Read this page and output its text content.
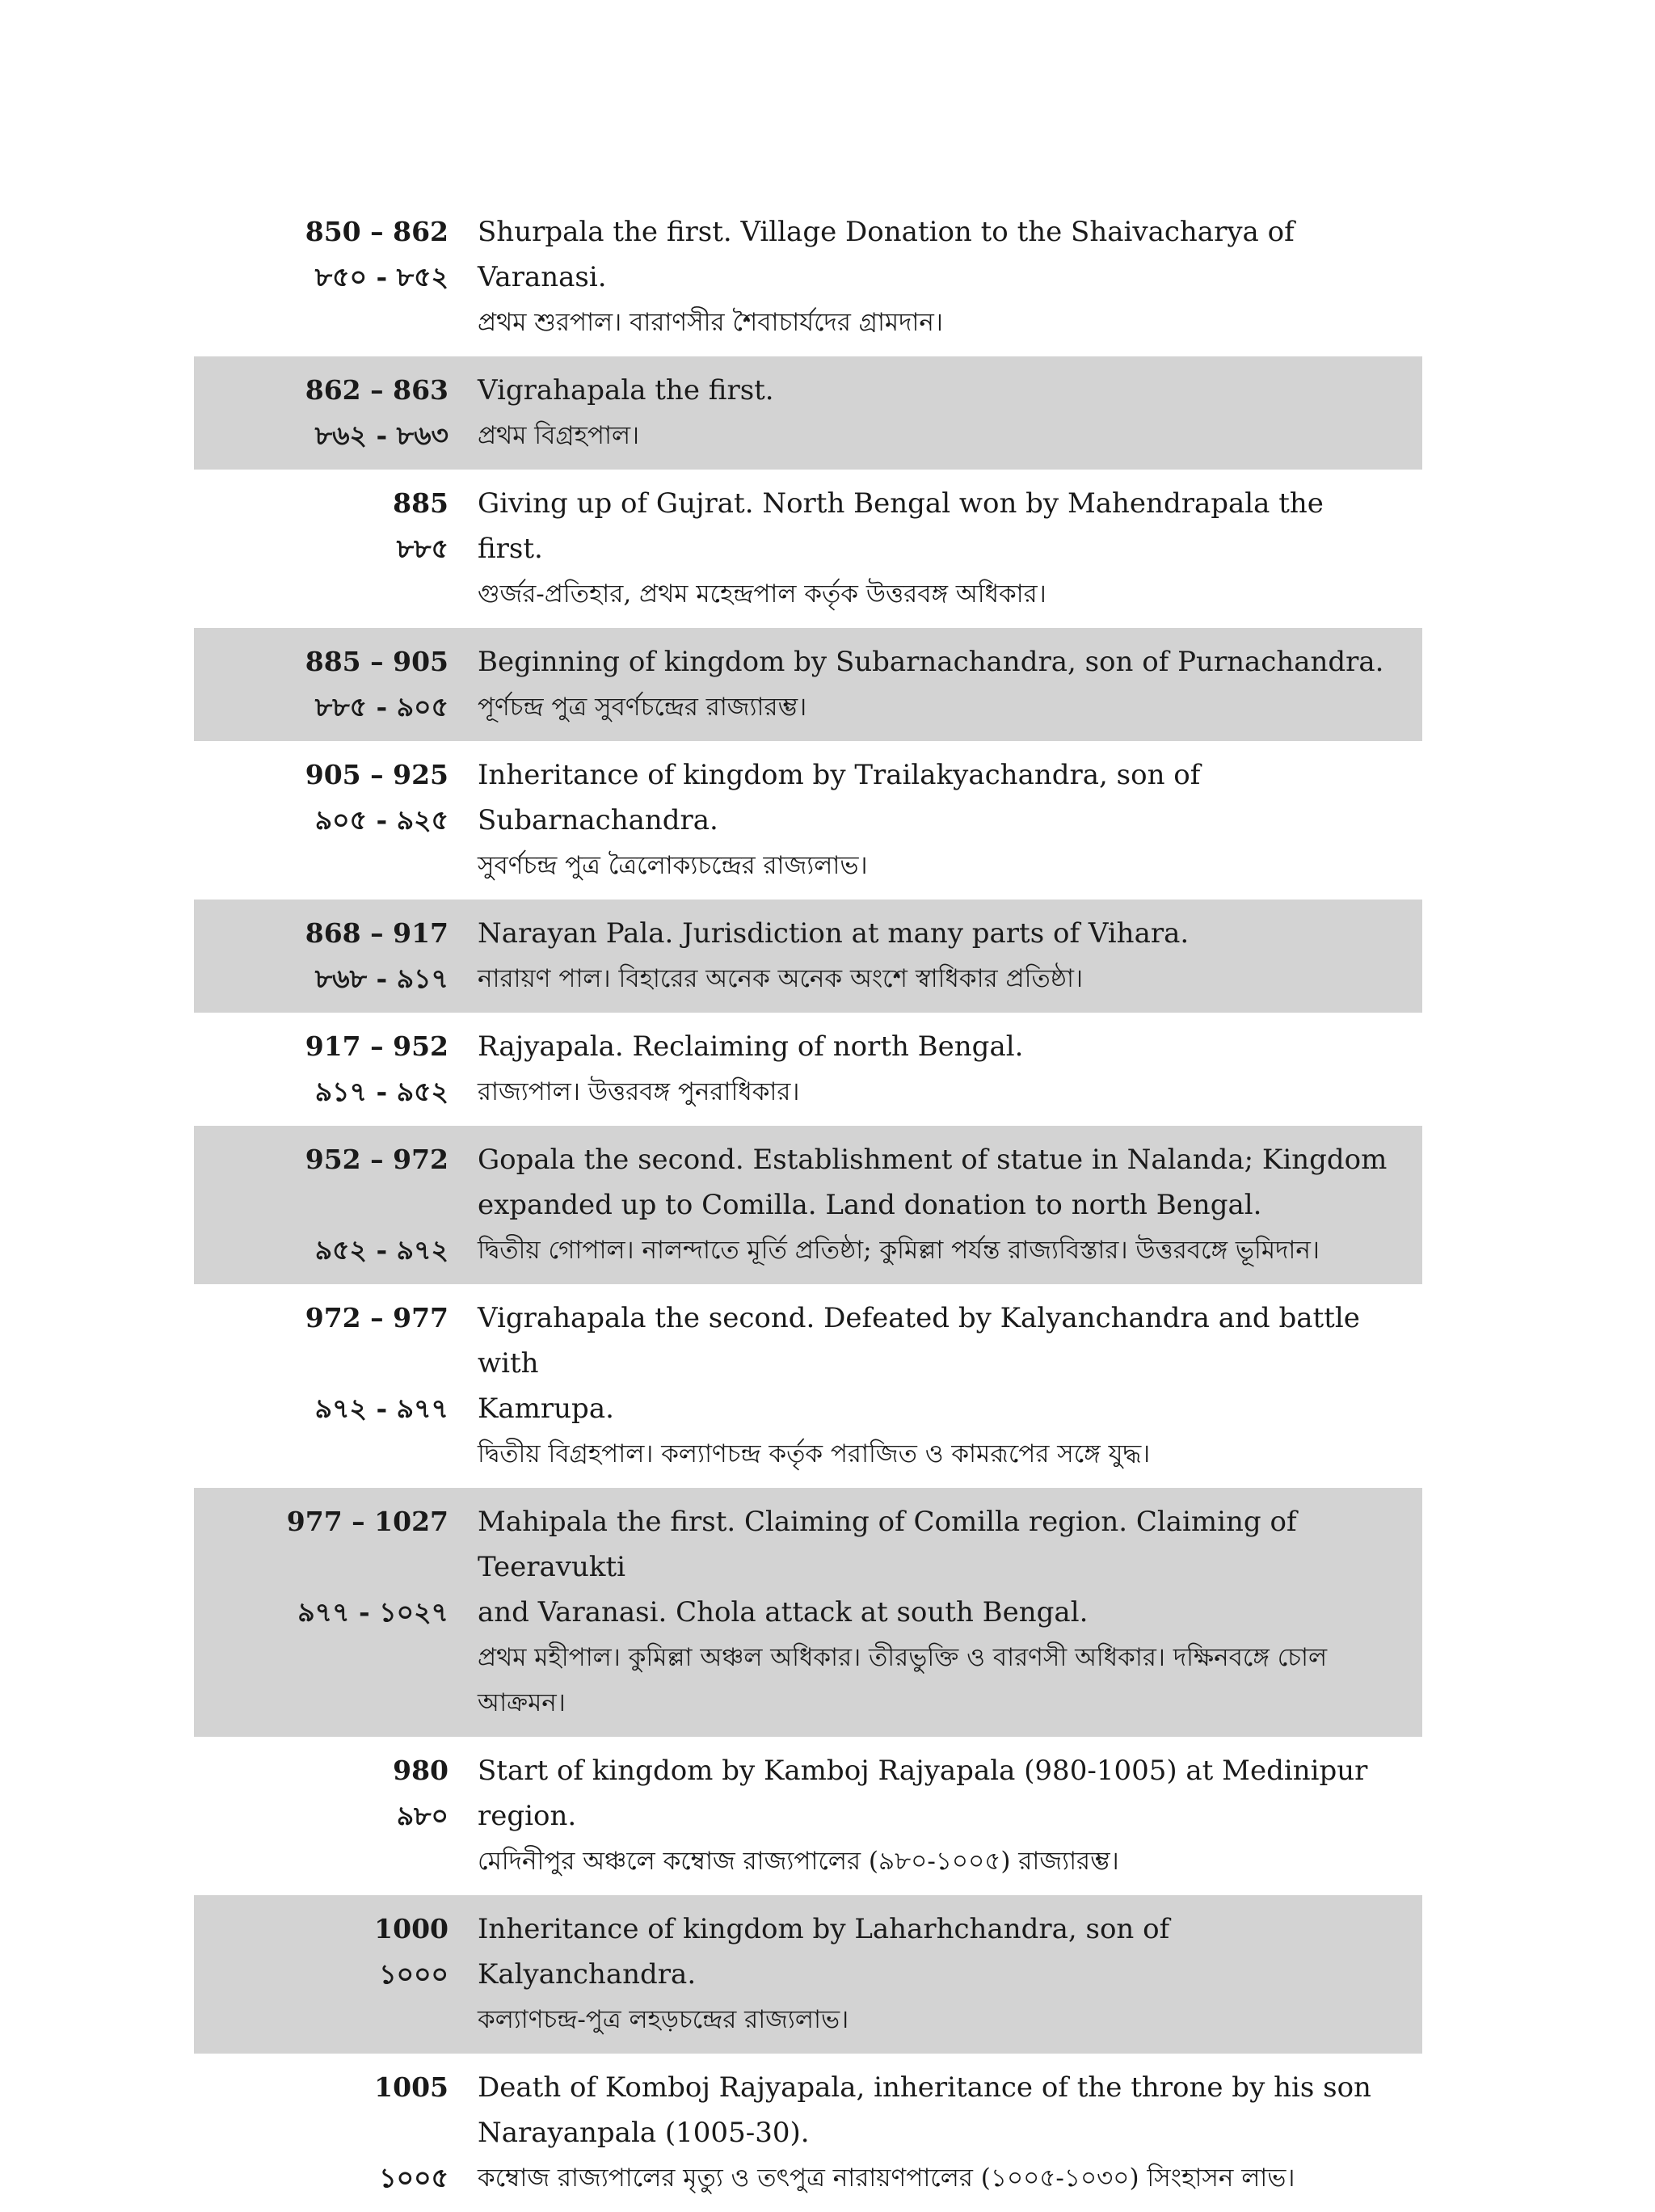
850 – 862
৮৫০ - ৮৫২
Shurpala the first. Village Donation to the Shaivacharya of Varanasi.
প্রথম শুরপাল। বারাণসীর শৈবাচার্যদের গ্রামদান।
862 – 863
৮৬২ - ৮৬৩
Vigrahapala the first.
প্রথম বিগ্রহপাল।
885
৮৮৫
Giving up of Gujrat. North Bengal won by Mahendrapala the first.
গুর্জর-প্রতিহার, প্রথম মহেন্দ্রপাল কর্তৃক উত্তরবঙ্গ অধিকার।
885 – 905
৮৮৫ - ৯০৫
Beginning of kingdom by Subarnachandra, son of Purnachandra.
পূর্ণচন্দ্র পুত্র সুবর্ণচন্দ্রের রাজ্যারম্ভ।
905 – 925
৯০৫ - ৯২৫
Inheritance of kingdom by Trailakyachandra, son of Subarnachandra.
সুবর্ণচন্দ্র পুত্র ত্রৈলোক্যচন্দ্রের রাজ্যলাভ।
868 – 917
৮৬৮ - ৯১৭
Narayan Pala. Jurisdiction at many parts of Vihara.
নারায়ণ পাল। বিহারের অনেক অনেক অংশে স্বাধিকার প্রতিষ্ঠা।
917 – 952
৯১৭ - ৯৫২
Rajyapala. Reclaiming of north Bengal.
রাজ্যপাল। উত্তরবঙ্গ পুনরাধিকার।
952 – 972

৯৫২ - ৯৭২
Gopala the second. Establishment of statue in Nalanda; Kingdom
expanded up to Comilla. Land donation to north Bengal.
দ্বিতীয় গোপাল। নালন্দাতে মূর্তি প্রতিষ্ঠা; কুমিল্লা পর্যন্ত রাজ্যবিস্তার। উত্তরবঙ্গে ভূমিদান।
972 – 977

৯৭২ - ৯৭৭
Vigrahapala the second. Defeated by Kalyanchandra and battle with
Kamrupa.
দ্বিতীয় বিগ্রহপাল। কল্যাণচন্দ্র কর্তৃক পরাজিত ও কামরূপের সঙ্গে যুদ্ধ।
977 – 1027

৯৭৭ - ১০২৭
Mahipala the first. Claiming of Comilla region. Claiming of Teeravukti
and Varanasi. Chola attack at south Bengal.
প্রথম মহীপাল। কুমিল্লা অঞ্চল অধিকার। তীরভুক্তি ও বারণসী অধিকার। দক্ষিনবঙ্গে চোল
আক্রমন।
980
৯৮০
Start of kingdom by Kamboj Rajyapala (980-1005) at Medinipur region.
মেদিনীপুর অঞ্চলে কম্বোজ রাজ্যপালের (৯৮০-১০০৫) রাজ্যারম্ভ।
1000
১০০০
Inheritance of kingdom by Laharhchandra, son of Kalyanchandra.
কল্যাণচন্দ্র-পুত্র লহড়চন্দ্রের রাজ্যলাভ।
1005

১০০৫
Death of Komboj Rajyapala, inheritance of the throne by his son
Narayanpala (1005-30).
কম্বোজ রাজ্যপালের মৃত্যু ও তৎপুত্র নারায়ণপালের (১০০৫-১০৩০) সিংহাসন লাভ।
